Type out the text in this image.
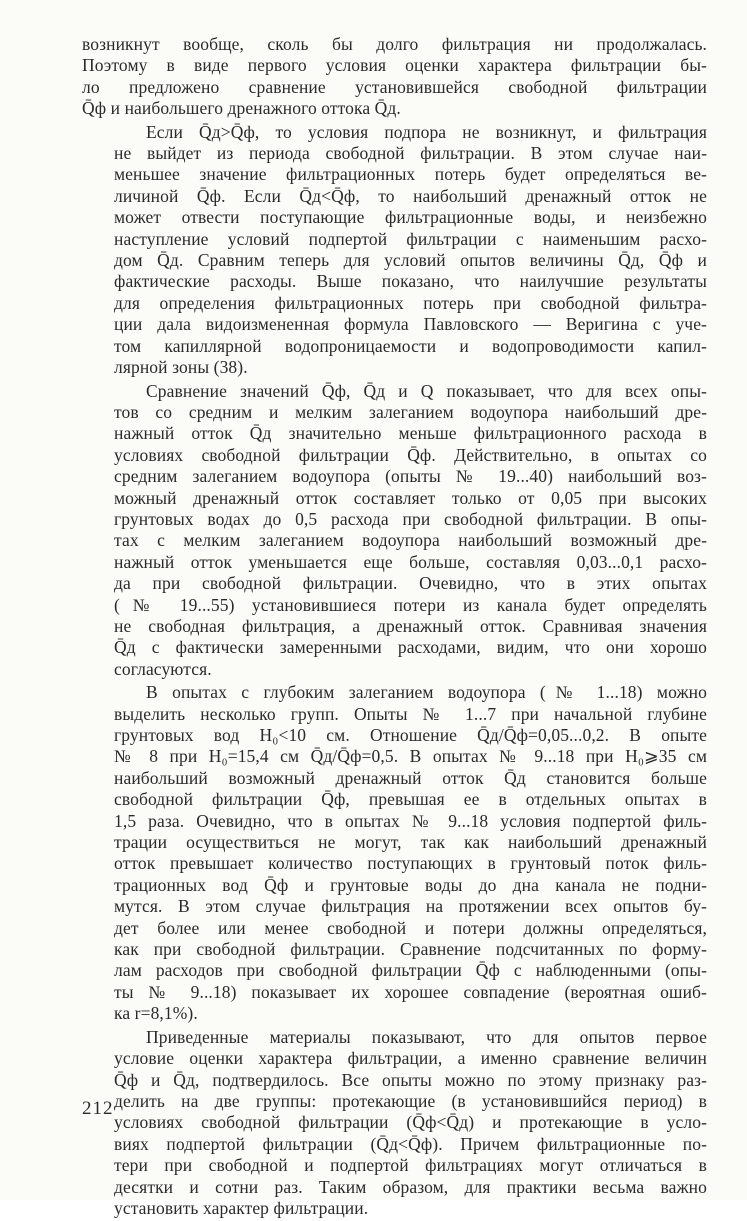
возникнут вообще, сколь бы долго фильтрация ни продолжалась.
Поэтому в виде первого условия оценки характера фильтрации бы-
ло предложено сравнение установившейся свободной фильтрации
Q̄ф и наибольшего дренажного оттока Q̄д.
Если Q̄д>Q̄ф, то условия подпора не возникнут, и фильтрация
не выйдет из периода свободной фильтрации. В этом случае наи-
меньшее значение фильтрационных потерь будет определяться ве-
личиной Q̄ф. Если Q̄д<Q̄ф, то наибольший дренажный отток не
может отвести поступающие фильтрационные воды, и неизбежно
наступление условий подпертой фильтрации с наименьшим расхо-
дом Q̄д. Сравним теперь для условий опытов величины Q̄д, Q̄ф и
фактические расходы. Выше показано, что наилучшие результаты
для определения фильтрационных потерь при свободной фильтра-
ции дала видоизмененная формула Павловского — Веригина с уче-
том капиллярной водопроницаемости и водопроводимости капил-
лярной зоны (38).
Сравнение значений Q̄ф, Q̄д и Q показывает, что для всех опы-
тов со средним и мелким залеганием водоупора наибольший дре-
нажный отток Q̄д значительно меньше фильтрационного расхода в
условиях свободной фильтрации Q̄ф. Действительно, в опытах со
средним залеганием водоупора (опыты № 19...40) наибольший воз-
можный дренажный отток составляет только от 0,05 при высоких
грунтовых водах до 0,5 расхода при свободной фильтрации. В опы-
тах с мелким залеганием водоупора наибольший возможный дре-
нажный отток уменьшается еще больше, составляя 0,03...0,1 расхо-
да при свободной фильтрации. Очевидно, что в этих опытах
(№ 19...55) установившиеся потери из канала будет определять
не свободная фильтрация, а дренажный отток. Сравнивая значения
Q̄д с фактически замеренными расходами, видим, что они хорошо
согласуются.
В опытах с глубоким залеганием водоупора (№ 1...18) можно
выделить несколько групп. Опыты № 1...7 при начальной глубине
грунтовых вод H₀<10 см. Отношение Q̄д/Q̄ф=0,05...0,2. В опыте
№ 8 при H₀=15,4 см Q̄д/Q̄ф=0,5. В опытах № 9...18 при H₀⩾35 см
наибольший возможный дренажный отток Q̄д становится больше
свободной фильтрации Q̄ф, превышая ее в отдельных опытах в
1,5 раза. Очевидно, что в опытах № 9...18 условия подпертой филь-
трации осуществиться не могут, так как наибольший дренажный
отток превышает количество поступающих в грунтовый поток филь-
трационных вод Q̄ф и грунтовые воды до дна канала не подни-
мутся. В этом случае фильтрация на протяжении всех опытов бу-
дет более или менее свободной и потери должны определяться,
как при свободной фильтрации. Сравнение подсчитанных по форму-
лам расходов при свободной фильтрации Q̄ф с наблюденными (опы-
ты № 9...18) показывает их хорошее совпадение (вероятная ошиб-
ка r=8,1%).
Приведенные материалы показывают, что для опытов первое
условие оценки характера фильтрации, а именно сравнение величин
Q̄ф и Q̄д, подтвердилось. Все опыты можно по этому признаку раз-
делить на две группы: протекающие (в установившийся период) в
условиях свободной фильтрации (Q̄ф<Q̄д) и протекающие в усло-
виях подпертой фильтрации (Q̄д<Q̄ф). Причем фильтрационные по-
тери при свободной и подпертой фильтрациях могут отличаться в
десятки и сотни раз. Таким образом, для практики весьма важно
установить характер фильтрации.
212
